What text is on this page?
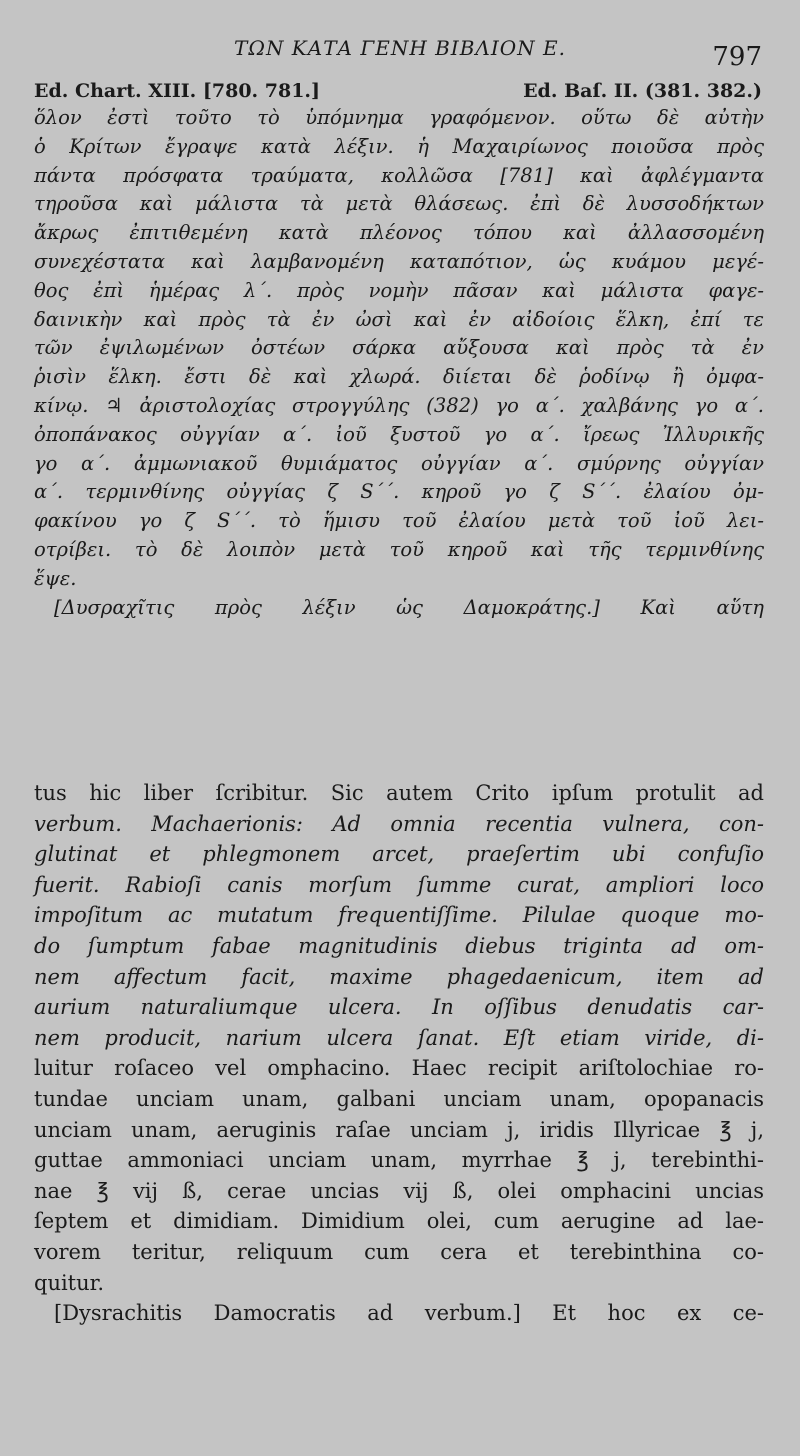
ΤΩΝ ΚΑΤΑ ΓΕΝΗ ΒΙΒΛΙΟΝ Ε.	797
Ed. Chart. XIII. [780. 781.]	Ed. Baſ. II. (381. 382.)

ὅλον ἐστὶ τοῦτο τὸ ὑπόμνημα γραφόμενον. οὕτω δὲ αὐτὴν

ὁ Κρίτων ἔγραψε κατὰ λέξιν. ἡ Μαχαιρίωνος ποιοῦσα πρὸς

πάντα πρόσφατα τραύματα, κολλῶσα [781] καὶ ἀφλέγμαντα

τηροῦσα καὶ μάλιστα τὰ μετὰ θλάσεως. ἐπὶ δὲ λυσσοδήκτων

ἄκρως ἐπιτιθεμένη κατὰ πλέονος τόπου καὶ ἀλλασσομένη

συνεχέστατα καὶ λαμβανομένη καταπότιον, ὡς κυάμου μεγέ-

θος ἐπὶ ἡμέρας λ΄. πρὸς νομὴν πᾶσαν καὶ μάλιστα φαγε-

δαινικὴν καὶ πρὸς τὰ ἐν ὠσὶ καὶ ἐν αἰδοίοις ἕλκη, ἐπί τε

τῶν ἐψιλωμένων ὀστέων σάρκα αὔξουσα καὶ πρὸς τὰ ἐν

ῥισὶν ἕλκη. ἔστι δὲ καὶ χλωρά. διίεται δὲ ῥοδίνῳ ἢ ὀμφα-

κίνῳ. ♃ ἀριστολοχίας στρογγύλης (382) γο α΄. χαλβάνης γο α΄.

ὀποπάνακος οὐγγίαν α΄. ἰοῦ ξυστοῦ γο α΄. ἴρεως Ἰλλυρικῆς

γο α΄. ἀμμωνιακοῦ θυμιάματος οὐγγίαν α΄. σμύρνης οὐγγίαν

α΄. τερμινθίνης οὐγγίας ζ S΄΄. κηροῦ γο ζ S΄΄. ἐλαίου ὀμ-

φακίνου γο ζ S΄΄. τὸ ἥμισυ τοῦ ἐλαίου μετὰ τοῦ ἰοῦ λει-

οτρίβει. τὸ δὲ λοιπὸν μετὰ τοῦ κηροῦ καὶ τῆς τερμινθίνης

ἕψε.

[Δυσραχῖτις πρὸς λέξιν ὡς Δαμοκράτης.] Καὶ αὕτη

tus hic liber ſcribitur. Sic autem Crito ipſum protulit ad

verbum. Machaerionis: Ad omnia recentia vulnera, con-

glutinat et phlegmonem arcet, praeſertim ubi confuſio

fuerit. Rabioſi canis morſum ſumme curat, ampliori loco

impoſitum ac mutatum frequentiſſime. Pilulae quoque mo-

do ſumptum fabae magnitudinis diebus triginta ad om-

nem affectum facit, maxime phagedaenicum, item ad

aurium naturaliumque ulcera. In oſſibus denudatis car-

nem producit, narium ulcera ſanat. Eſt etiam viride, di-

luitur roſaceo vel omphacino. Haec recipit ariſtolochiae ro-

tundae unciam unam, galbani unciam unam, opopanacis

unciam unam, aeruginis raſae unciam j, iridis Illyricae ℥ j,

guttae ammoniaci unciam unam, myrrhae ℥ j, terebinthi-

nae ℥ vij ß, cerae uncias vij ß, olei omphacini uncias

ſeptem et dimidiam. Dimidium olei, cum aerugine ad lae-

vorem teritur, reliquum cum cera et terebinthina co-

quitur.

[Dysrachitis Damocratis ad verbum.] Et hoc ex ce-
